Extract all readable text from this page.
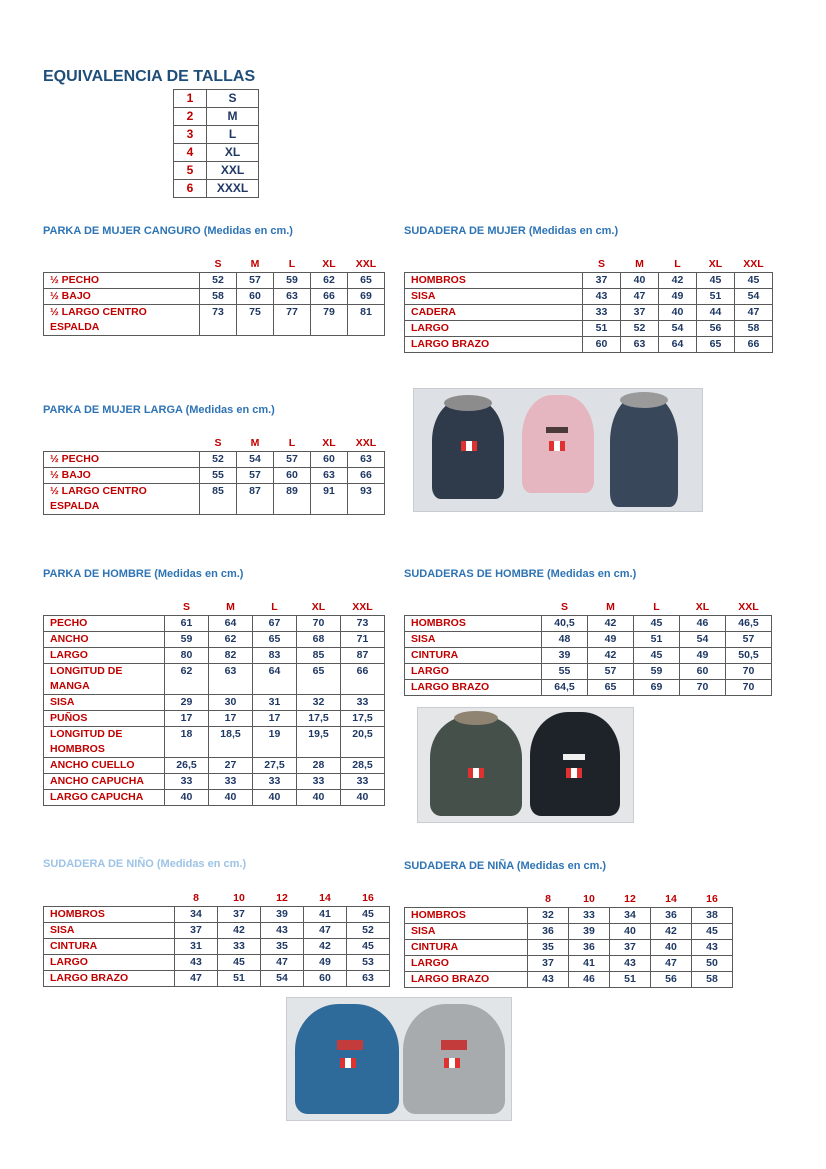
EQUIVALENCIA DE TALLAS
1	S
2	M
3	L
4	XL
5	XXL
6	XXXL
PARKA DE MUJER CANGURO (Medidas en cm.)	SUDADERA DE MUJER (Medidas en cm.)
PARKA DE MUJER LARGA (Medidas en cm.)
PARKA DE HOMBRE (Medidas en cm.)	SUDADERAS DE HOMBRE (Medidas en cm.)
SUDADERA DE NIÑO (Medidas en cm.)	SUDADERA DE NIÑA (Medidas en cm.)
	S	M	L	XL	XXL
½ PECHO	52	57	59	62	65
½ BAJO	58	60	63	66	69
½ LARGO CENTRO ESPALDA	73	75	77	79	81
	S	M	L	XL	XXL
HOMBROS	37	40	42	45	45
SISA	43	47	49	51	54
CADERA	33	37	40	44	47
LARGO	51	52	54	56	58
LARGO BRAZO	60	63	64	65	66
	S	M	L	XL	XXL
½ PECHO	52	54	57	60	63
½ BAJO	55	57	60	63	66
½ LARGO CENTRO ESPALDA	85	87	89	91	93
	S	M	L	XL	XXL
PECHO	61	64	67	70	73
ANCHO	59	62	65	68	71
LARGO	80	82	83	85	87
LONGITUD DE MANGA	62	63	64	65	66
SISA	29	30	31	32	33
PUÑOS	17	17	17	17,5	17,5
LONGITUD DE HOMBROS	18	18,5	19	19,5	20,5
ANCHO CUELLO	26,5	27	27,5	28	28,5
ANCHO CAPUCHA	33	33	33	33	33
LARGO CAPUCHA	40	40	40	40	40
	S	M	L	XL	XXL
HOMBROS	40,5	42	45	46	46,5
SISA	48	49	51	54	57
CINTURA	39	42	45	49	50,5
LARGO	55	57	59	60	70
LARGO BRAZO	64,5	65	69	70	70
	8	10	12	14	16
HOMBROS	34	37	39	41	45
SISA	37	42	43	47	52
CINTURA	31	33	35	42	45
LARGO	43	45	47	49	53
LARGO BRAZO	47	51	54	60	63
	8	10	12	14	16
HOMBROS	32	33	34	36	38
SISA	36	39	40	42	45
CINTURA	35	36	37	40	43
LARGO	37	41	43	47	50
LARGO BRAZO	43	46	51	56	58
